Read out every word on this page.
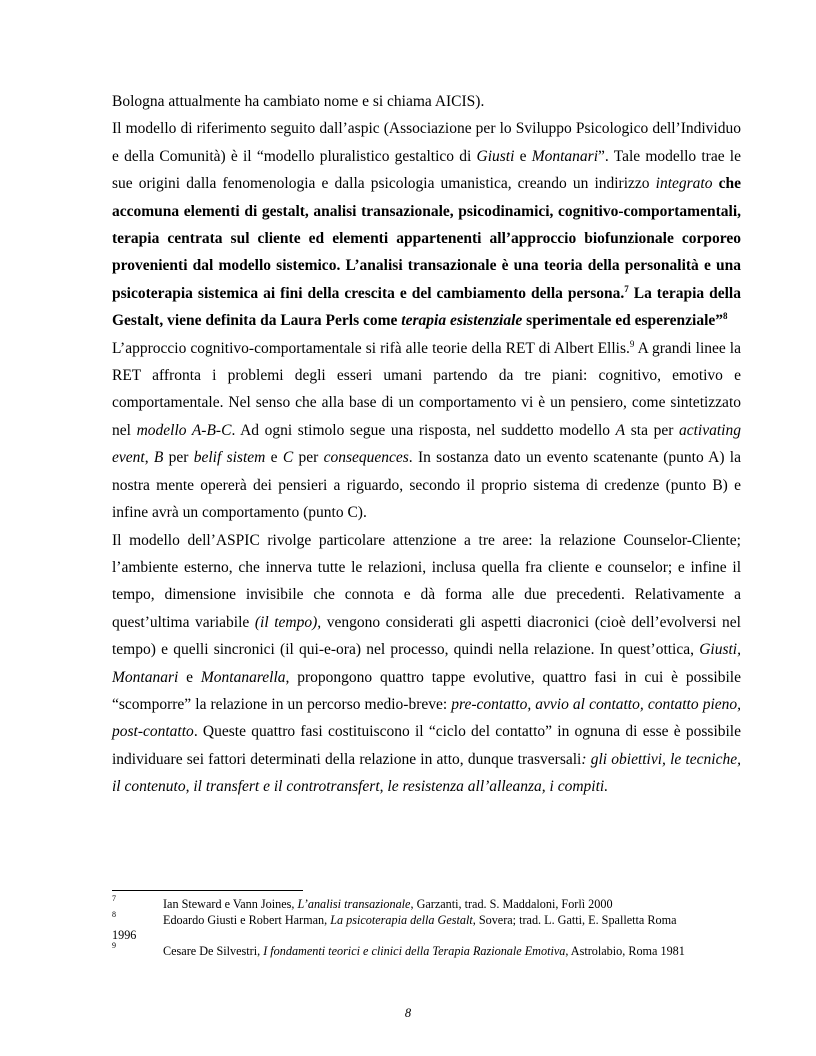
Bologna attualmente ha cambiato nome e si chiama AICIS).

Il modello di riferimento seguito dall’aspic (Associazione per lo Sviluppo Psicologico dell’Individuo e della Comunità) è il “modello pluralistico gestaltico di Giusti e Montanari”. Tale modello trae le sue origini dalla fenomenologia e dalla psicologia umanistica, creando un indirizzo integrato che accomuna elementi di gestalt, analisi transazionale, psicodinamici, cognitivo-comportamentali, terapia centrata sul cliente ed elementi appartenenti all’approccio biofunzionale corporeo provenienti dal modello sistemico. L’analisi transazionale è una teoria della personalità e una psicoterapia sistemica ai fini della crescita e del cambiamento della persona.$^7$ La terapia della Gestalt, viene definita da Laura Perls come terapia esistenziale sperimentale ed esperenziale”$^8$

L’approccio cognitivo-comportamentale si rifà alle teorie della RET di Albert Ellis.$^9$ A grandi linee la RET affronta i problemi degli esseri umani partendo da tre piani: cognitivo, emotivo e comportamentale. Nel senso che alla base di un comportamento vi è un pensiero, come sintetizzato nel modello A-B-C. Ad ogni stimolo segue una risposta, nel suddetto modello A sta per activating event, B per belif sistem e C per consequences. In sostanza dato un evento scatenante (punto A) la nostra mente opererà dei pensieri a riguardo, secondo il proprio sistema di credenze (punto B) e infine avrà un comportamento (punto C).

Il modello dell’ASPIC rivolge particolare attenzione a tre aree: la relazione Counselor-Cliente; l’ambiente esterno, che innerva tutte le relazioni, inclusa quella fra cliente e counselor; e infine il tempo, dimensione invisibile che connota e dà forma alle due precedenti. Relativamente a quest’ultima variabile (il tempo), vengono considerati gli aspetti diacronici (cioè dell’evolversi nel tempo) e quelli sincronici (il qui-e-ora) nel processo, quindi nella relazione. In quest’ottica, Giusti, Montanari e Montanarella, propongono quattro tappe evolutive, quattro fasi in cui è possibile “scomporre” la relazione in un percorso medio-breve: pre-contatto, avvio al contatto, contatto pieno, post-contatto. Queste quattro fasi costituiscono il “ciclo del contatto” in ognuna di esse è possibile individuare sei fattori determinati della relazione in atto, dunque trasversali: gli obiettivi, le tecniche, il contenuto, il transfert e il controtransfert, le resistenza all’alleanza, i compiti.

7	Ian Steward e Vann Joines, L’analisi transazionale, Garzanti, trad. S. Maddaloni, Forlì 2000
8	Edoardo Giusti e Robert Harman, La psicoterapia della Gestalt, Sovera; trad. L. Gatti, E. Spalletta Roma
1996
9	Cesare De Silvestri, I fondamenti teorici e clinici della Terapia Razionale Emotiva, Astrolabio, Roma 1981
8
